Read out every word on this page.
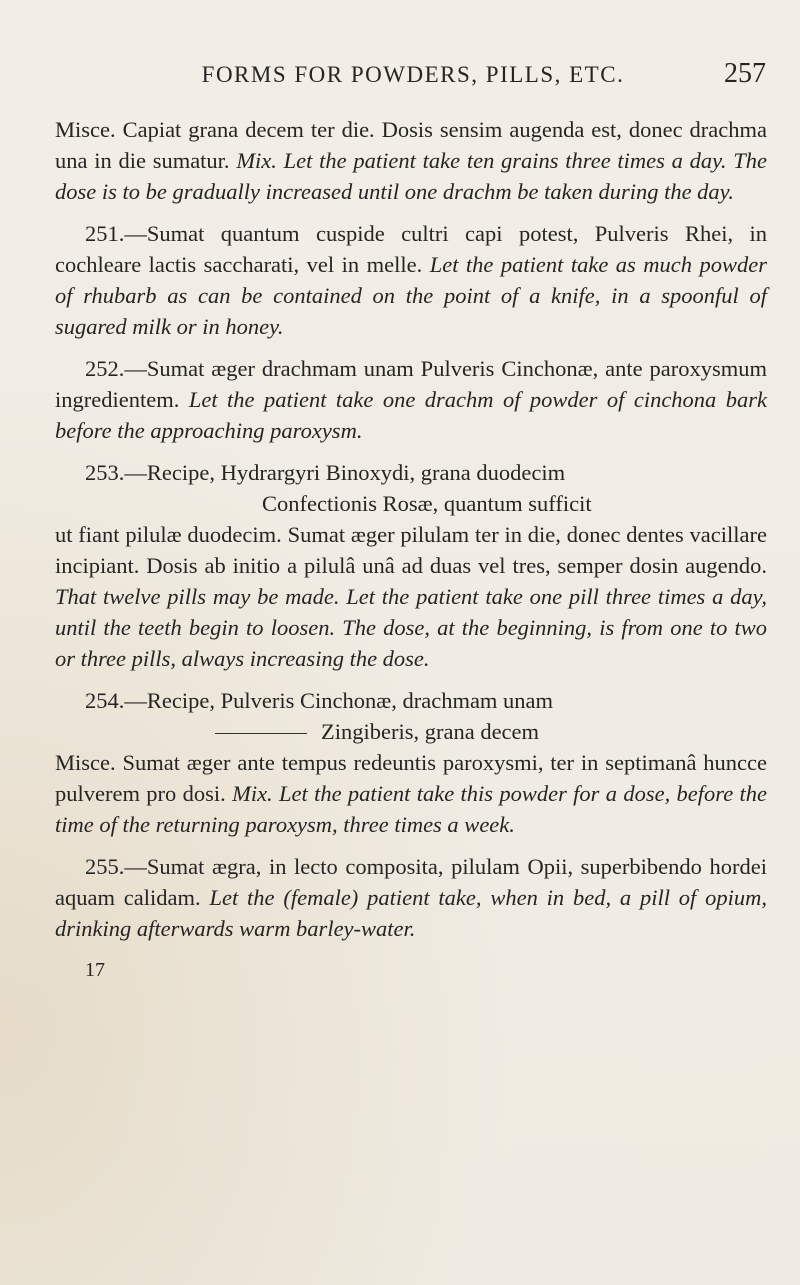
FORMS FOR POWDERS, PILLS, ETC.	257

Misce. Capiat grana decem ter die. Dosis sensim augenda est, donec drachma una in die sumatur. Mix. Let the patient take ten grains three times a day. The dose is to be gradually increased until one drachm be taken during the day.

251.—Sumat quantum cuspide cultri capi potest, Pulveris Rhei, in cochleare lactis saccharati, vel in melle. Let the patient take as much powder of rhubarb as can be contained on the point of a knife, in a spoonful of sugared milk or in honey.

252.—Sumat æger drachmam unam Pulveris Cinchonæ, ante paroxysmum ingredientem. Let the patient take one drachm of powder of cinchona bark before the approaching paroxysm.

253.—Recipe, Hydrargyri Binoxydi, grana duodecim

Confectionis Rosæ, quantum sufficit

ut fiant pilulæ duodecim. Sumat æger pilulam ter in die, donec dentes vacillare incipiant. Dosis ab initio a pilulâ unâ ad duas vel tres, semper dosin augendo. That twelve pills may be made. Let the patient take one pill three times a day, until the teeth begin to loosen. The dose, at the beginning, is from one to two or three pills, always increasing the dose.

254.—Recipe, Pulveris Cinchonæ, drachmam unam

Zingiberis, grana decem

Misce. Sumat æger ante tempus redeuntis paroxysmi, ter in septimanâ huncce pulverem pro dosi. Mix. Let the patient take this powder for a dose, before the time of the returning paroxysm, three times a week.

255.—Sumat ægra, in lecto composita, pilulam Opii, superbibendo hordei aquam calidam. Let the (female) patient take, when in bed, a pill of opium, drinking afterwards warm barley-water.

17
